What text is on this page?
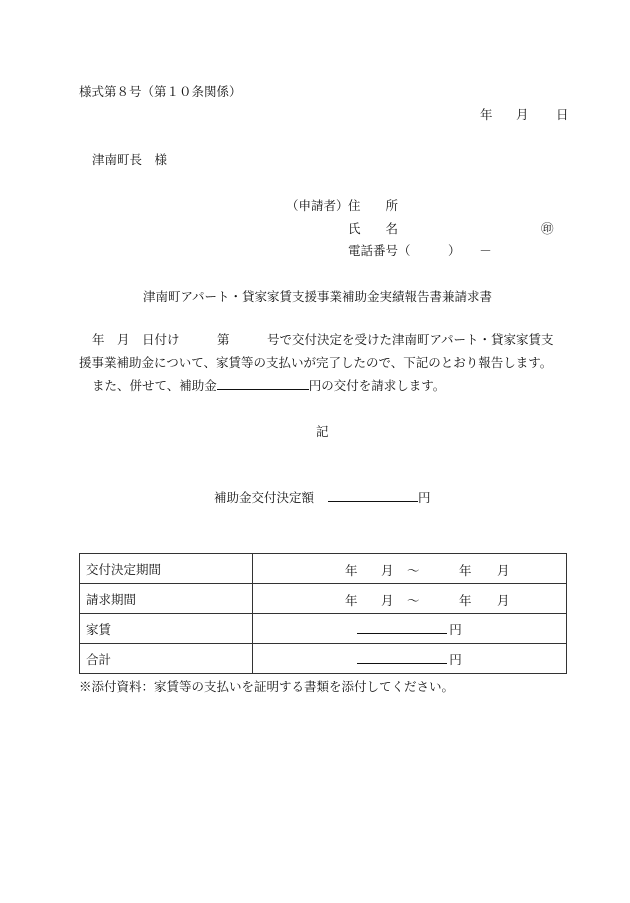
様式第８号（第１０条関係）
年 月 日
津南町長　様
（申請者） 住　　所
氏　　名	㊞
電話番号（　　　）　　－
津南町アパート・貸家家賃支援事業補助金実績報告書兼請求書
年　月　日付け　　　第　　　号で交付決定を受けた津南町アパート・貸家家賃支
援事業補助金について、家賃等の支払いが完了したので、下記のとおり報告します。
また、併せて、補助金	円の交付を請求します。
記
補助金交付決定額	円
交付決定期間	年 月 ～ 年 月

請求期間	年 月 ～ 年 月

家賃	円
合計	円
※添付資料：家賃等の支払いを証明する書類を添付してください。
